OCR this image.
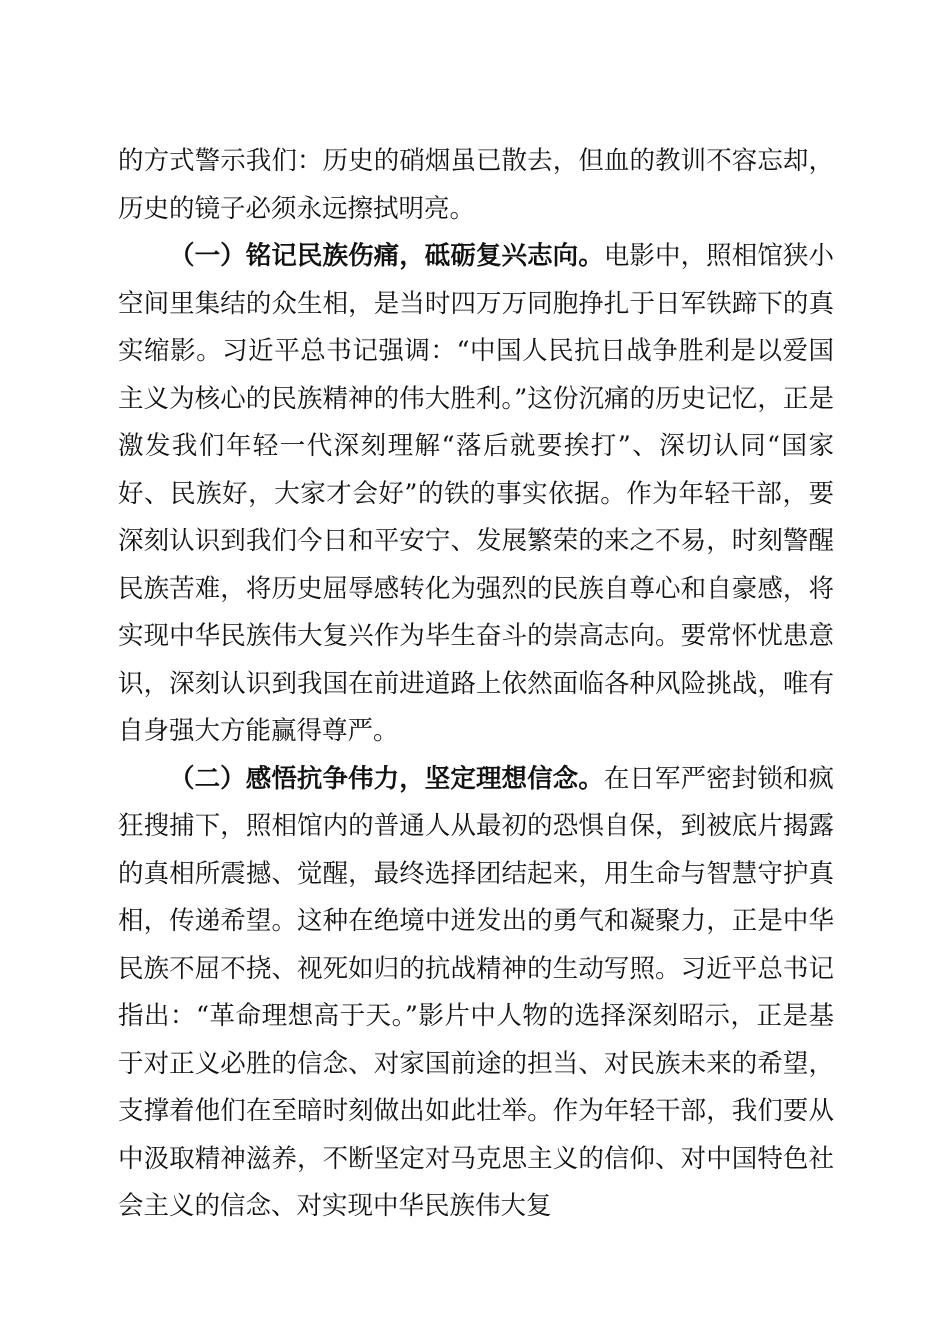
的方式警示我们：历史的硝烟虽已散去，但血的教训不容忘却，历史的镜子必须永远擦拭明亮。

（一）铭记民族伤痛，砥砺复兴志向。电影中，照相馆狭小空间里集结的众生相，是当时四万万同胞挣扎于日军铁蹄下的真实缩影。习近平总书记强调：“中国人民抗日战争胜利是以爱国主义为核心的民族精神的伟大胜利。”这份沉痛的历史记忆，正是激发我们年轻一代深刻理解“落后就要挨打”、深切认同“国家好、民族好，大家才会好”的铁的事实依据。作为年轻干部，要深刻认识到我们今日和平安宁、发展繁荣的来之不易，时刻警醒民族苦难，将历史屈辱感转化为强烈的民族自尊心和自豪感，将实现中华民族伟大复兴作为毕生奋斗的崇高志向。要常怀忧患意识，深刻认识到我国在前进道路上依然面临各种风险挑战，唯有自身强大方能赢得尊严。

（二）感悟抗争伟力，坚定理想信念。在日军严密封锁和疯狂搜捕下，照相馆内的普通人从最初的恐惧自保，到被底片揭露的真相所震撼、觉醒，最终选择团结起来，用生命与智慧守护真相，传递希望。这种在绝境中迸发出的勇气和凝聚力，正是中华民族不屈不挠、视死如归的抗战精神的生动写照。习近平总书记指出：“革命理想高于天。”影片中人物的选择深刻昭示，正是基于对正义必胜的信念、对家国前途的担当、对民族未来的希望，支撑着他们在至暗时刻做出如此壮举。作为年轻干部，我们要从中汲取精神滋养，不断坚定对马克思主义的信仰、对中国特色社会主义的信念、对实现中华民族伟大复
